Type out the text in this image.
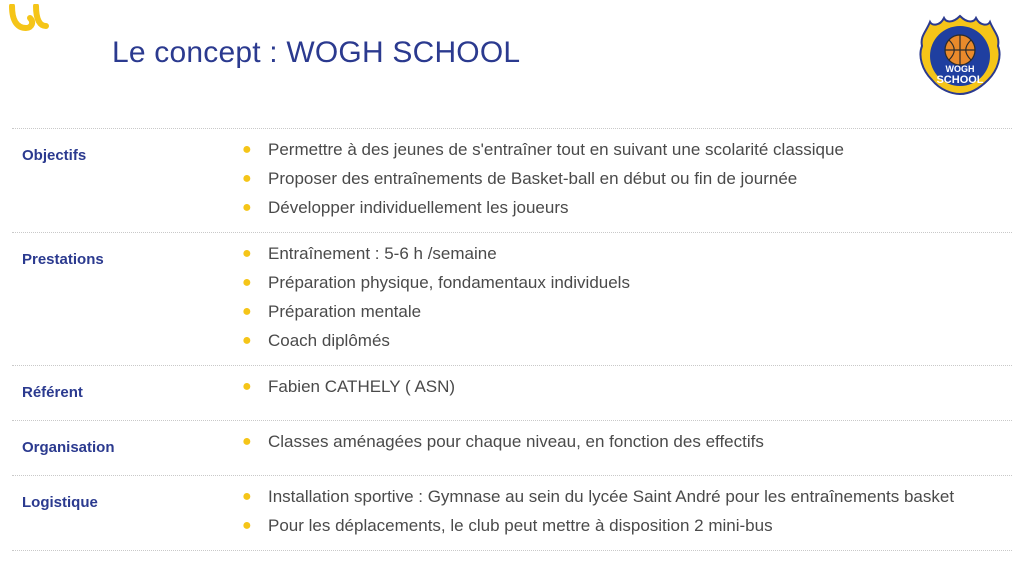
Le concept : WOGH SCHOOL	WOGH
SCHOOL
Objectifs	● Permettre à des jeunes de s'entraîner tout en suivant une scolarité classique
● Proposer des entraînements de Basket-ball en début ou fin de journée
● Développer individuellement les joueurs
Prestations	● Entraînement : 5-6 h /semaine
● Préparation physique, fondamentaux individuels
● Préparation mentale
● Coach diplômés
Référent	● Fabien CATHELY ( ASN)
Organisation	● Classes aménagées pour chaque niveau, en fonction des effectifs
Logistique	● Installation sportive : Gymnase au sein du lycée Saint André pour les entraînements basket
● Pour les déplacements, le club peut mettre à disposition 2 mini-bus
